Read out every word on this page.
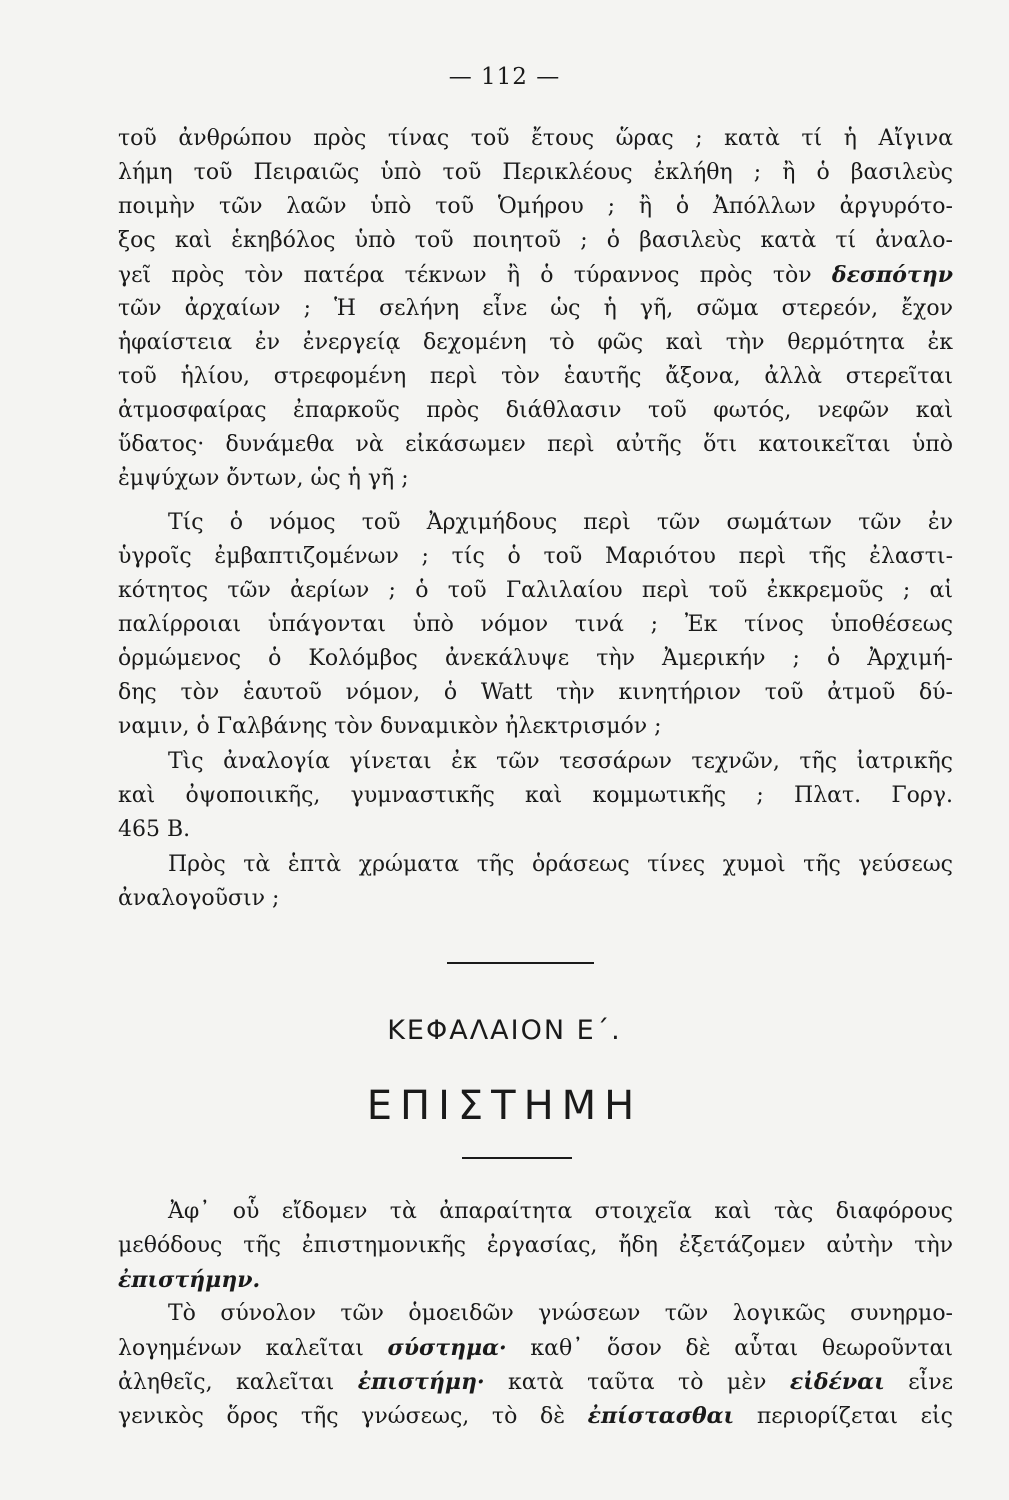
— 112 —
τοῦ ἀνθρώπου πρὸς τίνας τοῦ ἔτους ὥρας ; κατὰ τί ἡ Αἴγινα
λήμη τοῦ Πειραιῶς ὑπὸ τοῦ Περικλέους ἐκλήθη ; ἢ ὁ βασιλεὺς
ποιμὴν τῶν λαῶν ὑπὸ τοῦ Ὁμήρου ; ἢ ὁ Ἀπόλλων ἀργυρότο-
ξος καὶ ἑκηβόλος ὑπὸ τοῦ ποιητοῦ ; ὁ βασιλεὺς κατὰ τί ἀναλο-
γεῖ πρὸς τὸν πατέρα τέκνων ἢ ὁ τύραννος πρὸς τὸν δεσπότην
τῶν ἀρχαίων ; Ἡ σελήνη εἶνε ὡς ἡ γῆ, σῶμα στερεόν, ἔχον
ἡφαίστεια ἐν ἐνεργείᾳ δεχομένη τὸ φῶς καὶ τὴν θερμότητα ἐκ
τοῦ ἡλίου, στρεφομένη περὶ τὸν ἑαυτῆς ἄξονα, ἀλλὰ στερεῖται
ἀτμοσφαίρας ἐπαρκοῦς πρὸς διάθλασιν τοῦ φωτός, νεφῶν καὶ
ὕδατος· δυνάμεθα νὰ εἰκάσωμεν περὶ αὐτῆς ὅτι κατοικεῖται ὑπὸ
ἐμψύχων ὄντων, ὡς ἡ γῆ ;
Τίς ὁ νόμος τοῦ Ἀρχιμήδους περὶ τῶν σωμάτων τῶν ἐν
ὑγροῖς ἐμβαπτιζομένων ; τίς ὁ τοῦ Μαριότου περὶ τῆς ἐλαστι-
κότητος τῶν ἀερίων ; ὁ τοῦ Γαλιλαίου περὶ τοῦ ἐκκρεμοῦς ; αἱ
παλίρροιαι ὑπάγονται ὑπὸ νόμον τινά ; Ἐκ τίνος ὑποθέσεως
ὁρμώμενος ὁ Κολόμβος ἀνεκάλυψε τὴν Ἀμερικήν ; ὁ Ἀρχιμή-
δης τὸν ἑαυτοῦ νόμον, ὁ Watt τὴν κινητήριον τοῦ ἀτμοῦ δύ-
ναμιν, ὁ Γαλβάνης τὸν δυναμικὸν ἠλεκτρισμόν ;
Τὶς ἀναλογία γίνεται ἐκ τῶν τεσσάρων τεχνῶν, τῆς ἰατρικῆς
καὶ ὀψοποιικῆς, γυμναστικῆς καὶ κομμωτικῆς ; Πλατ. Γοργ.
465 Β.
Πρὸς τὰ ἑπτὰ χρώματα τῆς ὁράσεως τίνες χυμοὶ τῆς γεύσεως
ἀναλογοῦσιν ;
ΚΕΦΑΛΑΙΟΝ Ε΄.
ΕΠΙΣΤΗΜΗ
Ἀφ᾿ οὗ εἴδομεν τὰ ἀπαραίτητα στοιχεῖα καὶ τὰς διαφόρους
μεθόδους τῆς ἐπιστημονικῆς ἐργασίας, ἤδη ἐξετάζομεν αὐτὴν τὴν
ἐπιστήμην.
Τὸ σύνολον τῶν ὁμοειδῶν γνώσεων τῶν λογικῶς συνηρμο-
λογημένων καλεῖται σύστημα· καθ᾿ ὅσον δὲ αὗται θεωροῦνται
ἀληθεῖς, καλεῖται ἐπιστήμη· κατὰ ταῦτα τὸ μὲν εἰδέναι εἶνε
γενικὸς ὅρος τῆς γνώσεως, τὸ δὲ ἐπίστασθαι περιορίζεται εἰς
